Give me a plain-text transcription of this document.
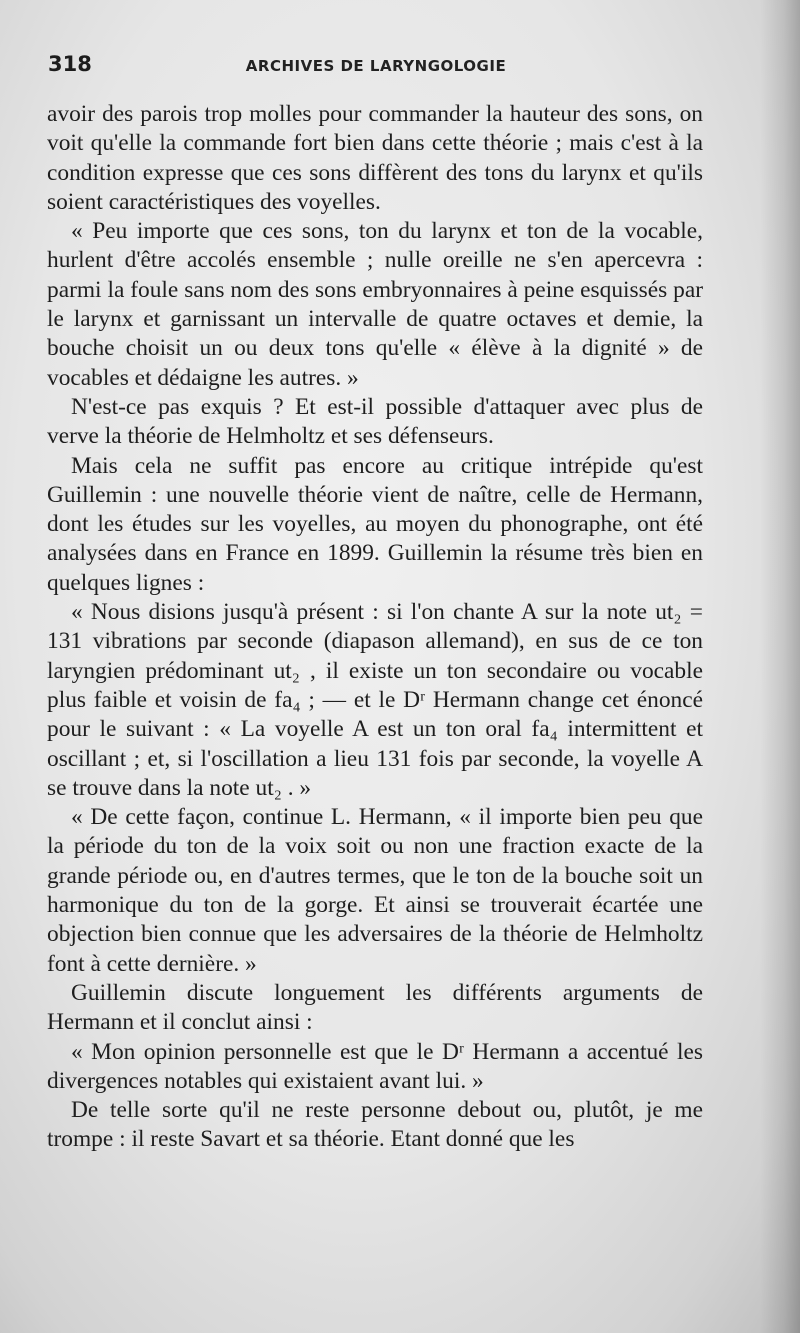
318	ARCHIVES DE LARYNGOLOGIE

avoir des parois trop molles pour commander la hauteur des sons, on voit qu'elle la commande fort bien dans cette théorie ; mais c'est à la condition expresse que ces sons diffèrent des tons du larynx et qu'ils soient caractéristiques des voyelles.

« Peu importe que ces sons, ton du larynx et ton de la vocable, hurlent d'être accolés ensemble ; nulle oreille ne s'en apercevra : parmi la foule sans nom des sons embryonnaires à peine esquissés par le larynx et garnissant un intervalle de quatre octaves et demie, la bouche choisit un ou deux tons qu'elle « élève à la dignité » de vocables et dédaigne les autres. »

N'est-ce pas exquis ? Et est-il possible d'attaquer avec plus de verve la théorie de Helmholtz et ses défenseurs.

Mais cela ne suffit pas encore au critique intrépide qu'est Guillemin : une nouvelle théorie vient de naître, celle de Hermann, dont les études sur les voyelles, au moyen du phonographe, ont été analysées dans en France en 1899. Guillemin la résume très bien en quelques lignes :

« Nous disions jusqu'à présent : si l'on chante A sur la note ut₂ = 131 vibrations par seconde (diapason allemand), en sus de ce ton laryngien prédominant ut₂ , il existe un ton secondaire ou vocable plus faible et voisin de fa₄ ; — et le Dʳ Hermann change cet énoncé pour le suivant : « La voyelle A est un ton oral fa₄ intermittent et oscillant ; et, si l'oscillation a lieu 131 fois par seconde, la voyelle A se trouve dans la note ut₂ . »

« De cette façon, continue L. Hermann, « il importe bien peu que la période du ton de la voix soit ou non une fraction exacte de la grande période ou, en d'autres termes, que le ton de la bouche soit un harmonique du ton de la gorge. Et ainsi se trouverait écartée une objection bien connue que les adversaires de la théorie de Helmholtz font à cette dernière. »

Guillemin discute longuement les différents arguments de Hermann et il conclut ainsi :

« Mon opinion personnelle est que le Dʳ Hermann a accentué les divergences notables qui existaient avant lui. »

De telle sorte qu'il ne reste personne debout ou, plutôt, je me trompe : il reste Savart et sa théorie. Etant donné que les
